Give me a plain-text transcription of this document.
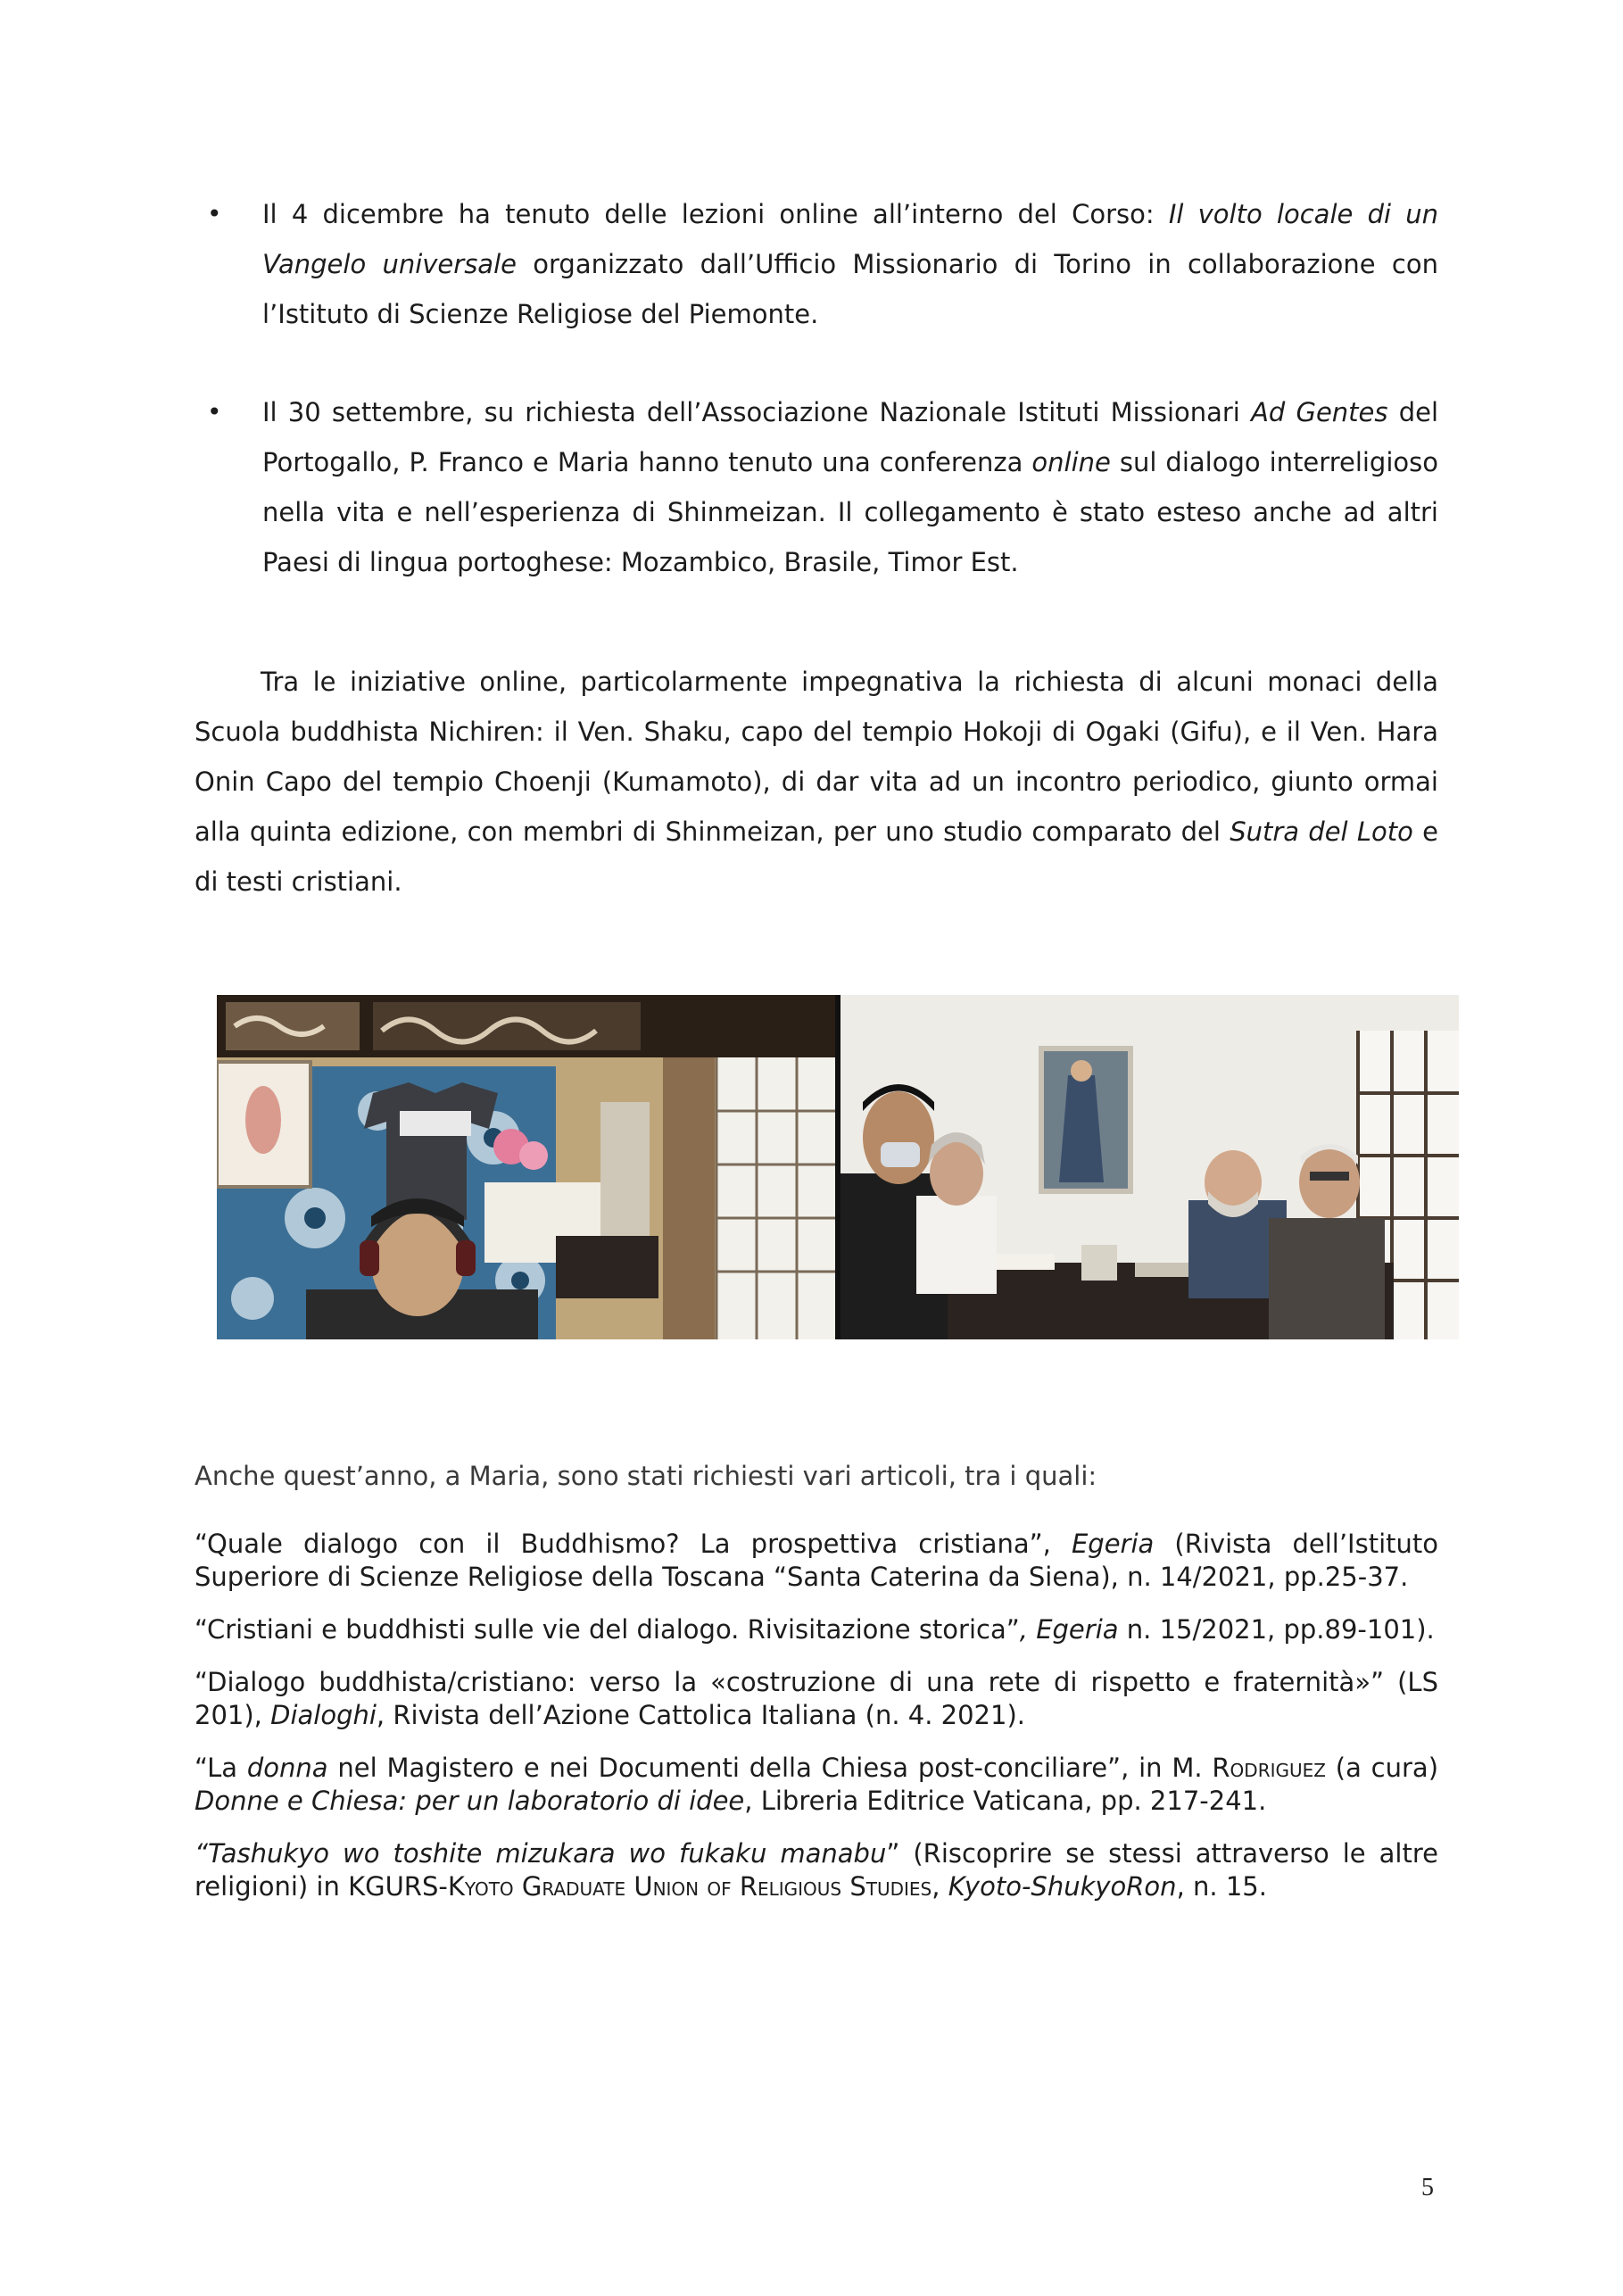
• Il 4 dicembre ha tenuto delle lezioni online all’interno del Corso: Il volto locale di un Vangelo universale organizzato dall’Ufficio Missionario di Torino in collaborazione con l’Istituto di Scienze Religiose del Piemonte.
• Il 30 settembre, su richiesta dell’Associazione Nazionale Istituti Missionari Ad Gentes del Portogallo, P. Franco e Maria hanno tenuto una conferenza online sul dialogo interreligioso nella vita e nell’esperienza di Shinmeizan. Il collegamento è stato esteso anche ad altri Paesi di lingua portoghese: Mozambico, Brasile, Timor Est.

Tra le iniziative online, particolarmente impegnativa la richiesta di alcuni monaci della Scuola buddhista Nichiren: il Ven. Shaku, capo del tempio Hokoji di Ogaki (Gifu), e il Ven. Hara Onin Capo del tempio Choenji (Kumamoto), di dar vita ad un incontro periodico, giunto ormai alla quinta edizione, con membri di Shinmeizan, per uno studio comparato del Sutra del Loto e di testi cristiani.

Anche quest’anno, a Maria, sono stati richiesti vari articoli, tra i quali:

“Quale dialogo con il Buddhismo? La prospettiva cristiana”, Egeria (Rivista dell’Istituto Superiore di Scienze Religiose della Toscana “Santa Caterina da Siena), n. 14/2021, pp.25-37.

“Cristiani e buddhisti sulle vie del dialogo. Rivisitazione storica”, Egeria n. 15/2021, pp.89-101).

“Dialogo buddhista/cristiano: verso la «costruzione di una rete di rispetto e fraternità»” (LS 201), Dialoghi, Rivista dell’Azione Cattolica Italiana (n. 4. 2021).

“La donna nel Magistero e nei Documenti della Chiesa post-conciliare”, in M. Rodriguez (a cura) Donne e Chiesa: per un laboratorio di idee, Libreria Editrice Vaticana, pp. 217-241.

“Tashukyo wo toshite mizukara wo fukaku manabu” (Riscoprire se stessi attraverso le altre religioni) in KGURS-Kyoto Graduate Union of Religious Studies, Kyoto-ShukyoRon, n. 15.

5
